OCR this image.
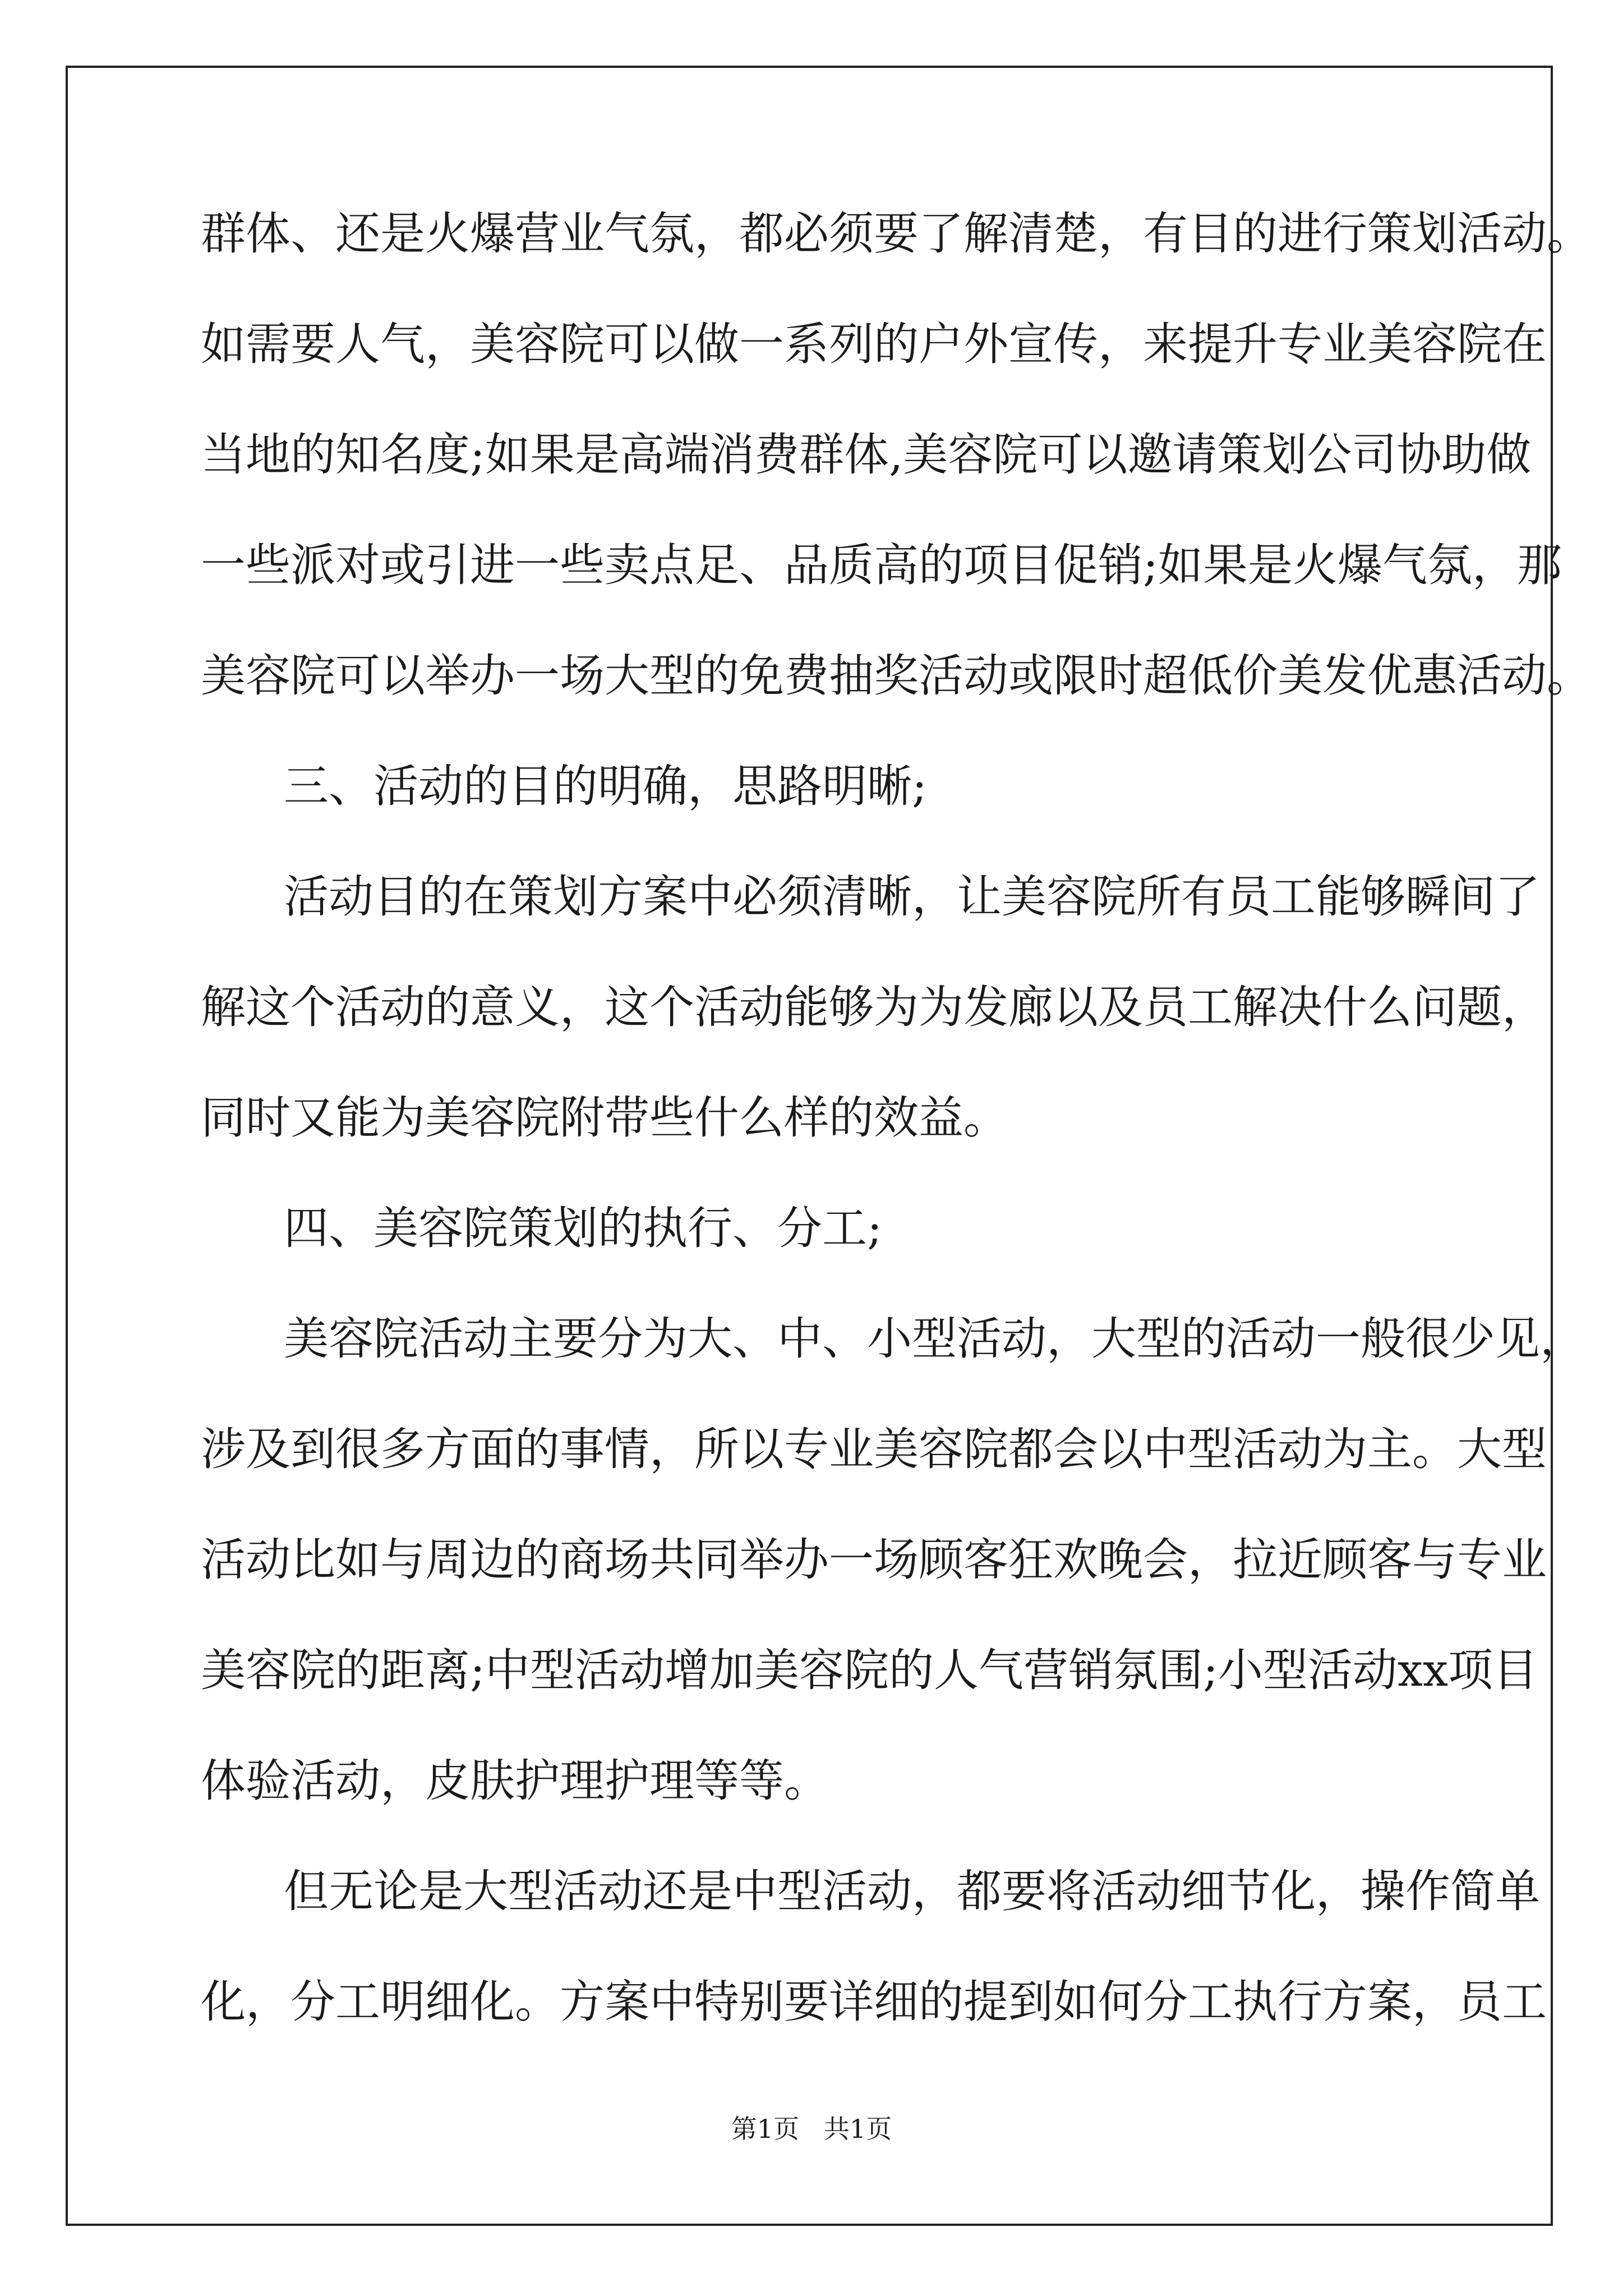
群体、还是火爆营业气氛，都必须要了解清楚，有目的进行策划活动。
如需要人气，美容院可以做一系列的户外宣传，来提升专业美容院在
当地的知名度;如果是高端消费群体,美容院可以邀请策划公司协助做
一些派对或引进一些卖点足、品质高的项目促销;如果是火爆气氛，那
美容院可以举办一场大型的免费抽奖活动或限时超低价美发优惠活动。
三、活动的目的明确，思路明晰;
活动目的在策划方案中必须清晰，让美容院所有员工能够瞬间了
解这个活动的意义，这个活动能够为为发廊以及员工解决什么问题，
同时又能为美容院附带些什么样的效益。
四、美容院策划的执行、分工;
美容院活动主要分为大、中、小型活动，大型的活动一般很少见，
涉及到很多方面的事情，所以专业美容院都会以中型活动为主。大型
活动比如与周边的商场共同举办一场顾客狂欢晚会，拉近顾客与专业
美容院的距离;中型活动增加美容院的人气营销氛围;小型活动xx项目
体验活动，皮肤护理护理等等。
但无论是大型活动还是中型活动，都要将活动细节化，操作简单
化，分工明细化。方案中特别要详细的提到如何分工执行方案，员工
第1页   共1页
